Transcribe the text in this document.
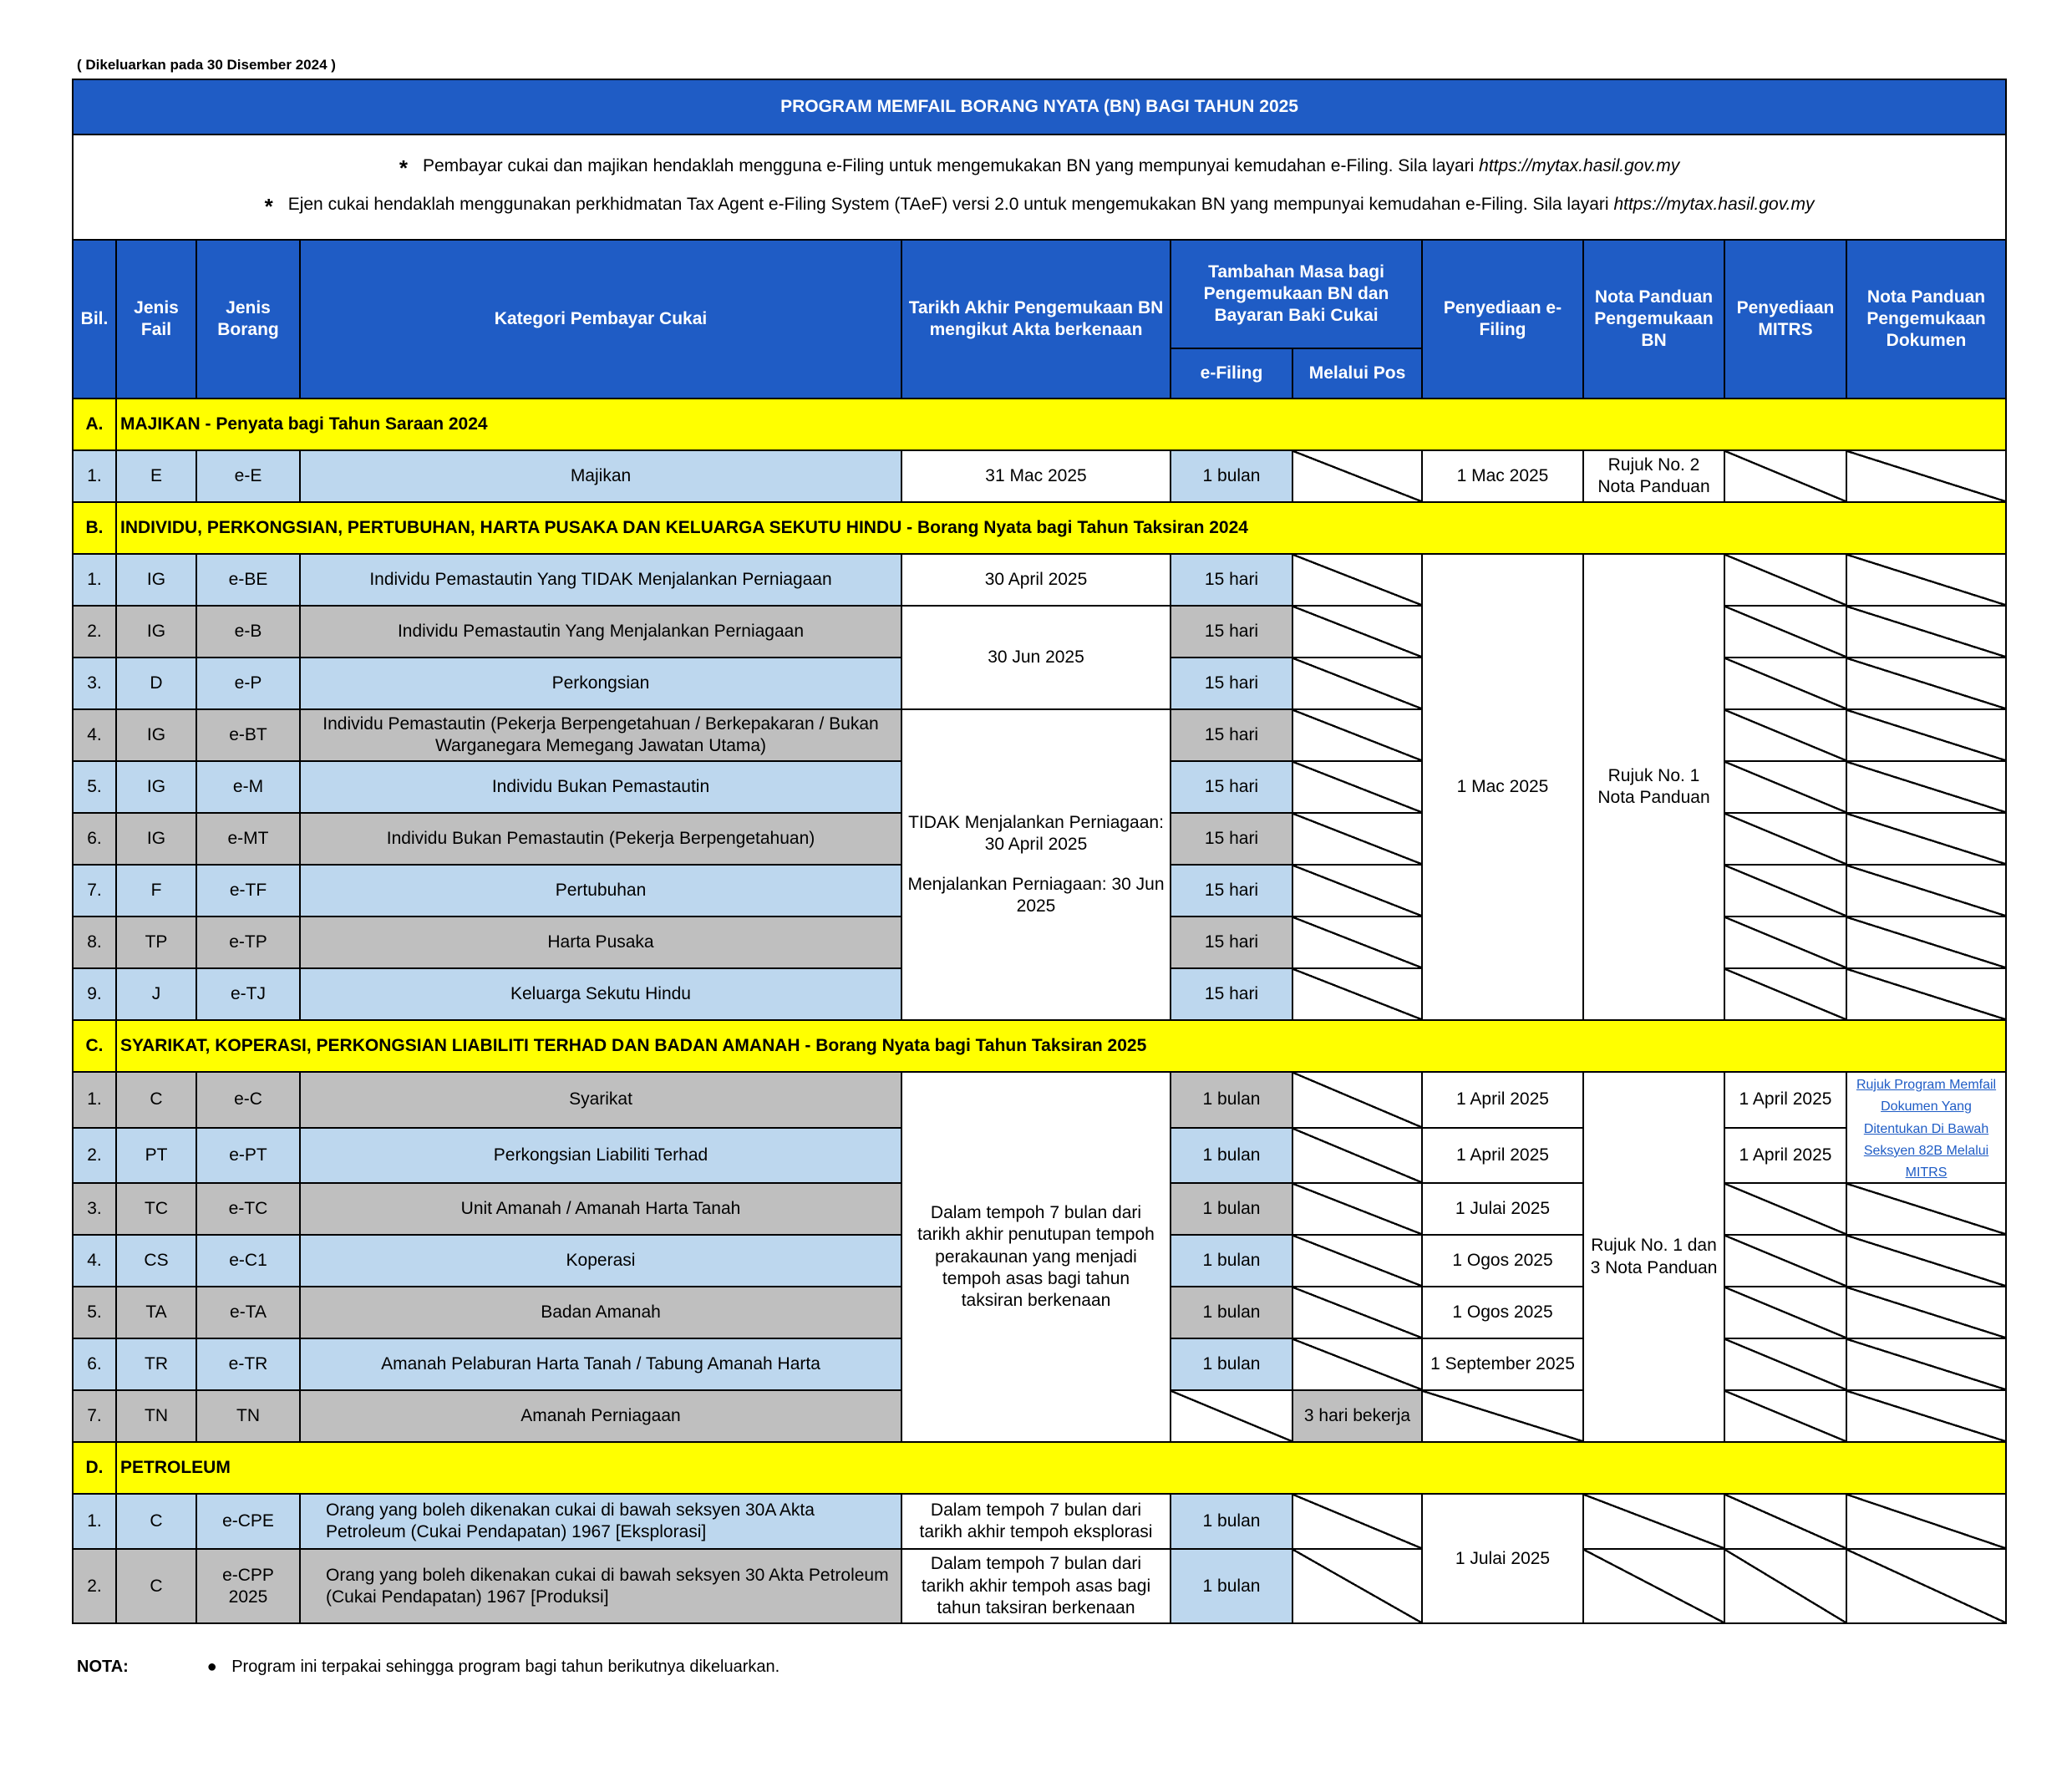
( Dikeluarkan pada 30 Disember 2024 )
PROGRAM MEMFAIL BORANG NYATA (BN) BAGI TAHUN 2025										

* Pembayar cukai dan majikan hendaklah mengguna e-Filing untuk mengemukakan BN yang mempunyai kemudahan e-Filing. Sila layari https://mytax.hasil.gov.my

* Ejen cukai hendaklah menggunakan perkhidmatan Tax Agent e-Filing System (TAeF) versi 2.0 untuk mengemukakan BN yang mempunyai kemudahan e-Filing. Sila layari https://mytax.hasil.gov.my										

Bil.	Jenis Fail	Jenis Borang	Kategori Pembayar Cukai	Tarikh Akhir Pengemukaan BN mengikut Akta berkenaan	Tambahan Masa bagi Pengemukaan BN dan Bayaran Baki Cukai		Penyediaan e-Filing	Nota Panduan Pengemukaan BN	Penyediaan MITRS	Nota Panduan Pengemukaan Dokumen
					e-Filing	Melalui Pos				
A.	MAJIKAN - Penyata bagi Tahun Saraan 2024									
1.	E	e-E	Majikan	31 Mac 2025	1 bulan		1 Mac 2025	Rujuk No. 2 Nota Panduan		
B.	INDIVIDU, PERKONGSIAN, PERTUBUHAN, HARTA PUSAKA DAN KELUARGA SEKUTU HINDU - Borang Nyata bagi Tahun Taksiran 2024									
1.	IG	e-BE	Individu Pemastautin Yang TIDAK Menjalankan Perniagaan	30 April 2025	15 hari		1 Mac 2025	Rujuk No. 1 Nota Panduan		
2.	IG	e-B	Individu Pemastautin Yang Menjalankan Perniagaan	30 Jun 2025	15 hari					
3.	D	e-P	Perkongsian		15 hari					
4.	IG	e-BT	Individu Pemastautin (Pekerja Berpengetahuan / Berkepakaran / Bukan Warganegara Memegang Jawatan Utama)	TIDAK Menjalankan Perniagaan: 30 April 2025
Menjalankan Perniagaan: 30 Jun 2025	15 hari					
5.	IG	e-M	Individu Bukan Pemastautin		15 hari					
6.	IG	e-MT	Individu Bukan Pemastautin (Pekerja Berpengetahuan)		15 hari					
7.	F	e-TF	Pertubuhan		15 hari					
8.	TP	e-TP	Harta Pusaka		15 hari					
9.	J	e-TJ	Keluarga Sekutu Hindu		15 hari					
C.	SYARIKAT, KOPERASI, PERKONGSIAN LIABILITI TERHAD DAN BADAN AMANAH - Borang Nyata bagi Tahun Taksiran 2025									
1.	C	e-C	Syarikat	Dalam tempoh 7 bulan dari tarikh akhir penutupan tempoh perakaunan yang menjadi tempoh asas bagi tahun taksiran berkenaan	1 bulan		1 April 2025	Rujuk No. 1 dan 3 Nota Panduan	1 April 2025	Rujuk Program Memfail Dokumen Yang Ditentukan Di Bawah Seksyen 82B Melalui MITRS
2.	PT	e-PT	Perkongsian Liabiliti Terhad		1 bulan		1 April 2025		1 April 2025	
3.	TC	e-TC	Unit Amanah / Amanah Harta Tanah		1 bulan		1 Julai 2025			
4.	CS	e-C1	Koperasi		1 bulan		1 Ogos 2025			
5.	TA	e-TA	Badan Amanah		1 bulan		1 Ogos 2025			
6.	TR	e-TR	Amanah Pelaburan Harta Tanah / Tabung Amanah Harta		1 bulan		1 September 2025			
7.	TN	TN	Amanah Perniagaan			3 hari bekerja				
D.	PETROLEUM									
1.	C	e-CPE	Orang yang boleh dikenakan cukai di bawah seksyen 30A Akta Petroleum (Cukai Pendapatan) 1967 [Eksplorasi]	Dalam tempoh 7 bulan dari tarikh akhir tempoh eksplorasi	1 bulan		1 Julai 2025			
2.	C	e-CPP 2025	Orang yang boleh dikenakan cukai di bawah seksyen 30 Akta Petroleum (Cukai Pendapatan) 1967 [Produksi]	Dalam tempoh 7 bulan dari tarikh akhir tempoh asas bagi tahun taksiran berkenaan	1 bulan					
NOTA:	● Program ini terpakai sehingga program bagi tahun berikutnya dikeluarkan.
